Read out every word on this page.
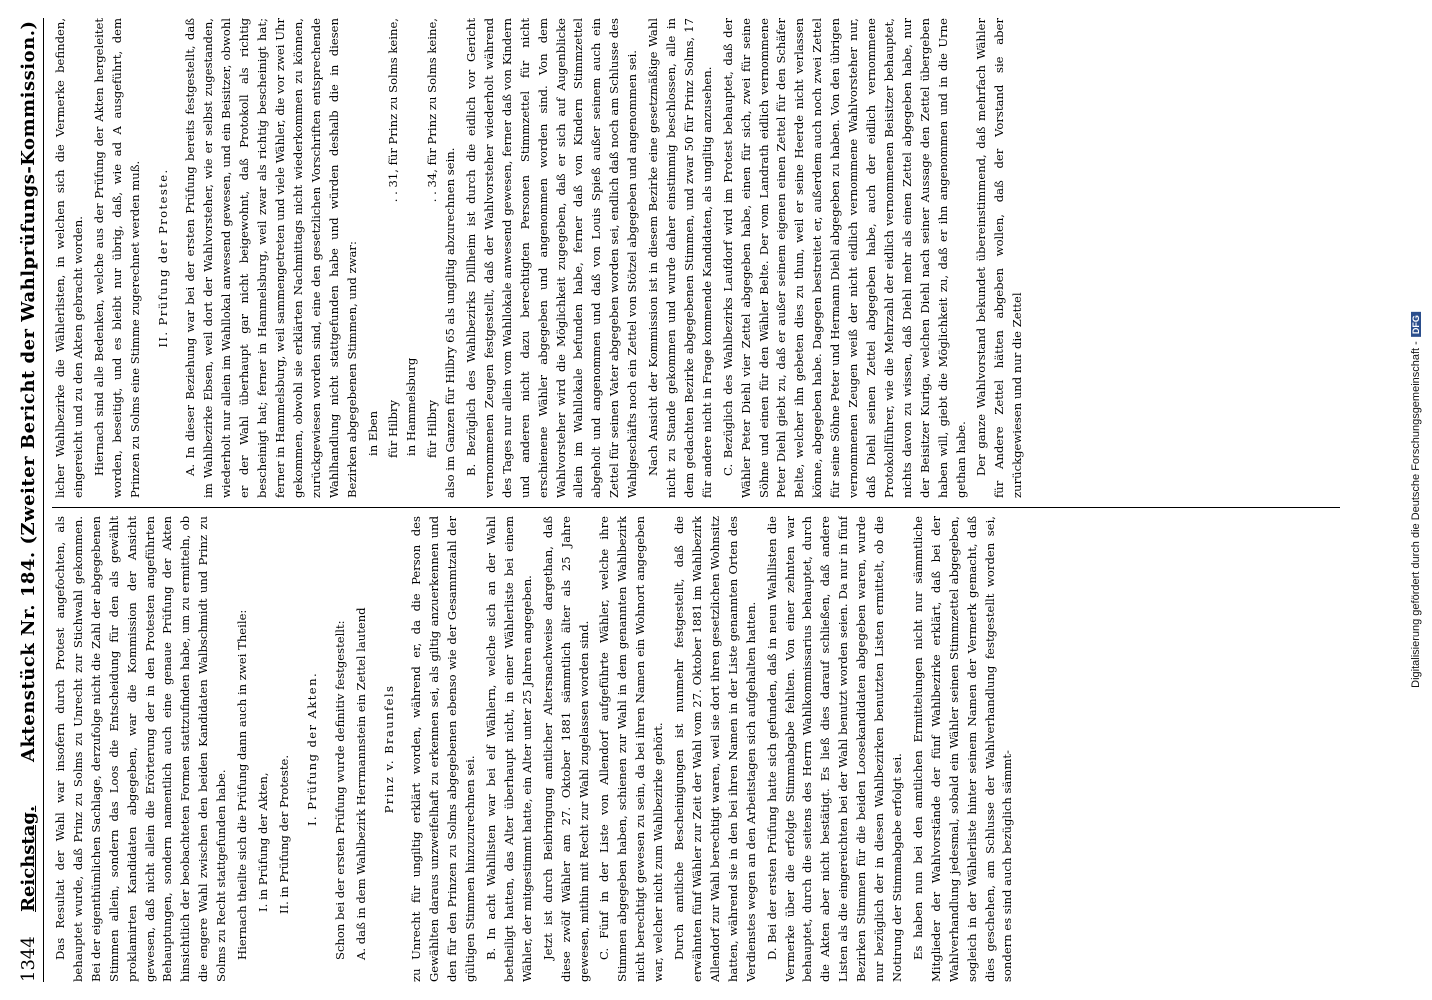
1344
Reichstag.
Aktenstück Nr. 184. (Zweiter Bericht der Wahlprüfungs-Kommission.) Das Resultat der Wahl war insofern durch Protest angefochten, als behauptet wurde, daß Prinz zu Solms zu Unrecht zur Stichwahl gekommen. Bei der eigenthümlichen Sachlage, derzufolge nicht die Zahl der abgegebenen Stimmen allein, sondern das Loos die Entscheidung für den als gewählt proklamirten Kandidaten abgegeben, war die Kommission der Ansicht gewesen, daß nicht allein die Erörterung der in den Protesten angeführten Behauptungen, sondern namentlich auch eine genaue Prüfung der Akten hinsichtlich der beobachteten Formen stattzufinden habe, um zu ermitteln, ob die engere Wahl zwischen den beiden Kandidaten Walbschmidt und Prinz zu Solms zu Recht stattgefunden habe. Hiernach theilte sich die Prüfung dann auch in zwei Theile: I. in Prüfung der Akten, II. in Prüfung der Proteste.

I. Prüfung der Akten. Schon bei der ersten Prüfung wurde definitiv festgestellt: A. daß in dem Wahlbezirk Herrmannstein ein Zettel lautend Prinz v. Braunfels zu Unrecht für ungiltig erklärt worden, während er, da die Person des Gewählten daraus unzweifelhaft zu erkennen sei, als giltig anzuerkennen und den für den Prinzen zu Solms abgegebenen ebenso wie der Gesammtzahl der gültigen Stimmen hinzuzurechnen sei. B. In acht Wahllisten war bei elf Wählern, welche sich an der Wahl betheiligt hatten, das Alter überhaupt nicht, in einer Wählerliste bei einem Wähler, der mitgestimmt hatte, ein Alter unter 25 Jahren angegeben. Jetzt ist durch Beibringung amtlicher Altersnachweise dargethan, daß diese zwölf Wähler am 27. Oktober 1881 sämmtlich älter als 25 Jahre gewesen, mithin mit Recht zur Wahl zugelassen worden sind. C. Fünf in der Liste von Allendorf aufgeführte Wähler, welche ihre Stimmen abgegeben haben, schienen zur Wahl in dem genannten Wahlbezirk nicht berechtigt gewesen zu sein, da bei ihren Namen ein Wohnort angegeben war, welcher nicht zum Wahlbezirke gehört. Durch amtliche Bescheinigungen ist nunmehr festgestellt, daß die erwähnten fünf Wähler zur Zeit der Wahl vom 27. Oktober 1881 im Wahlbezirk Allendorf zur Wahl berechtigt waren, weil sie dort ihren gesetzlichen Wohnsitz hatten, während sie in den bei ihren Namen in der Liste genannten Orten des Verdienstes wegen an den Arbeitstagen sich aufgehalten hatten. D. Bei der ersten Prüfung hatte sich gefunden, daß in neun Wahllisten die Vermerke über die erfolgte Stimmabgabe fehlten. Von einer zehnten war behauptet, durch die seitens des Herrn Wahlkommissarius behauptet, durch die Akten aber nicht bestätigt. Es ließ dies darauf schließen, daß andere Listen als die eingereichten bei der Wahl benutzt worden seien. Da nur in fünf Bezirken Stimmen für die beiden Loosekandidaten abgegeben waren, wurde nur bezüglich der in diesen Wahlbezirken benutzten Listen ermittelt, ob die Notirung der Stimmabgabe erfolgt sei. Es haben nun bei den amtlichen Ermittelungen nicht nur sämmtliche Mitglieder der Wahlvorstände der fünf Wahlbezirke erklärt, daß bei der Wahlverhandlung jedesmal, sobald ein Wähler seinen Stimmzettel abgegeben, sogleich in der Wählerliste hinter seinem Namen der Vermerk gemacht, daß dies geschehen, am Schlusse der Wahlverhandlung festgestellt worden sei, sondern es sind auch bezüglich sämmt-

licher Wahlbezirke die Wählerlisten, in welchen sich die Vermerke befinden, eingereicht und zu den Akten gebracht worden. Hiernach sind alle Bedenken, welche aus der Prüfung der Akten hergeleitet worden, beseitigt, und es bleibt nur übrig, daß, wie ad A ausgeführt, dem Prinzen zu Solms eine Stimme zugerechnet werden muß. II. Prüfung der Proteste. A. In dieser Beziehung war bei der ersten Prüfung bereits festgestellt, daß im Wahlbezirke Ebsen, weil dort der Wahlvorsteher, wie er selbst zugestanden, wiederholt nur allein im Wahllokal anwesend gewesen, und ein Beisitzer, obwohl er der Wahl überhaupt gar nicht beigewohnt, daß Protokoll als richtig bescheinigt hat; ferner in Hammelsburg, weil zwar als richtig bescheinigt hat; ferner in Hammelsburg, weil sammengetreten und viele Wähler, die vor zwei Uhr gekommen, obwohl sie erklärten Nachmittags nicht wiederkommen zu können, zurückgewiesen worden sind, eine den gesetzlichen Vorschriften entsprechende Wahlhandlung nicht stattgefunden habe und würden deshalb die in diesen Bezirken abgegebenen Stimmen, und zwar: in Eben für Hilbry
. . 31, für Prinz zu Solms keine,

in Hammelsburg für Hilbry
. . 34, für Prinz zu Solms keine,

also im Ganzen für Hilbry 65 als ungiltig abzurechnen sein. B. Bezüglich des Wahlbezirks Dillheim ist durch die eidlich vor Gericht vernommenen Zeugen festgestellt, daß der Wahlvorsteher wiederholt während des Tages nur allein vom Wahllokale anwesend gewesen, ferner daß von Kindern und anderen nicht dazu berechtigten Personen Stimmzettel für nicht erschienene Wähler abgegeben und angenommen worden sind. Von dem Wahlvorsteher wird die Möglichkeit zugegeben, daß er sich auf Augenblicke allein im Wahllokale befunden habe, ferner daß von Kindern Stimmzettel abgeholt und angenommen und daß von Louis Spieß außer seinem auch ein Zettel für seinen Vater abgegeben worden sei, endlich daß noch am Schlusse des Wahlgeschäfts noch ein Zettel von Stötzel abgegeben und angenommen sei. Nach Ansicht der Kommission ist in diesem Bezirke eine gesetzmäßige Wahl nicht zu Stande gekommen und wurde daher einstimmig beschlossen, alle in dem gedachten Bezirke abgegebenen Stimmen, und zwar 50 für Prinz Solms, 17 für andere nicht in Frage kommende Kandidaten, als ungiltig anzusehen. C. Bezüglich des Wahlbezirks Laufdorf wird im Protest behauptet, daß der Wähler Peter Diehl vier Zettel abgegeben habe, einen für sich, zwei für seine Söhne und einen für den Wähler Belte. Der vom Landrath eidlich vernommene Peter Diehl giebt zu, daß er außer seinem eigenen einen Zettel für den Schäfer Belte, welcher ihn gebeten dies zu thun, weil er seine Heerde nicht verlassen könne, abgegeben habe. Dagegen bestreitet er, außerdem auch noch zwei Zettel für seine Söhne Peter und Hermann Diehl abgegeben zu haben. Von den übrigen vernommenen Zeugen weiß der nicht eidlich vernommene Wahlvorsteher nur, daß Diehl seinen Zettel abgegeben habe, auch der eidlich vernommene Protokollführer, wie die Mehrzahl der eidlich vernommenen Beisitzer behauptet, nichts davon zu wissen, daß Diehl mehr als einen Zettel abgegeben habe, nur der Beisitzer Kuriga, welchen Diehl nach seiner Aussage den Zettel übergeben haben will, giebt die Möglichkeit zu, daß er ihn angenommen und in die Urne gethan habe. Der ganze Wahlvorstand bekundet übereinstimmend, daß mehrfach Wähler für Andere Zettel hätten abgeben wollen, daß der Vorstand sie aber zurückgewiesen und nur die Zettel	Digitalisierung gefördert durch die Deutsche Forschungsgemeinschaft -DFG
